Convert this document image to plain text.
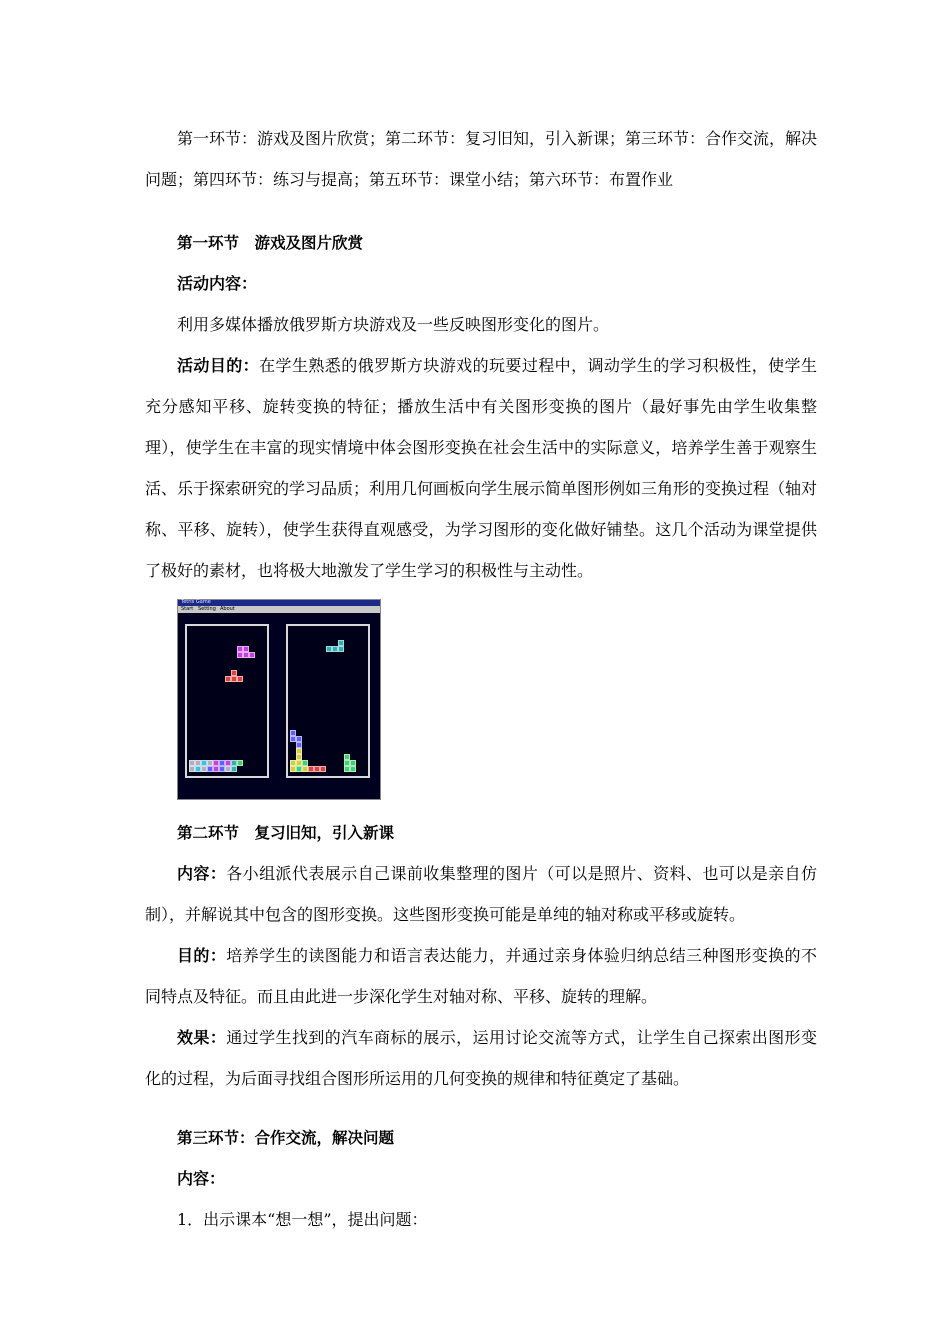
第一环节：游戏及图片欣赏；第二环节：复习旧知，引入新课；第三环节：合作交流，解决问题；第四环节：练习与提高；第五环节：课堂小结；第六环节：布置作业

第一环节　游戏及图片欣赏

活动内容：

利用多媒体播放俄罗斯方块游戏及一些反映图形变化的图片。

活动目的：在学生熟悉的俄罗斯方块游戏的玩要过程中，调动学生的学习积极性，使学生充分感知平移、旋转变换的特征；播放生活中有关图形变换的图片（最好事先由学生收集整理），使学生在丰富的现实情境中体会图形变换在社会生活中的实际意义，培养学生善于观察生活、乐于探索研究的学习品质；利用几何画板向学生展示简单图形例如三角形的变换过程（轴对称、平移、旋转），使学生获得直观感受，为学习图形的变化做好铺垫。这几个活动为课堂提供了极好的素材，也将极大地激发了学生学习的积极性与主动性。

Tetris Game
Start Setting About

第二环节　复习旧知，引入新课

内容：各小组派代表展示自己课前收集整理的图片（可以是照片、资料、也可以是亲自仿制），并解说其中包含的图形变换。这些图形变换可能是单纯的轴对称或平移或旋转。

目的：培养学生的读图能力和语言表达能力，并通过亲身体验归纳总结三种图形变换的不同特点及特征。而且由此进一步深化学生对轴对称、平移、旋转的理解。

效果：通过学生找到的汽车商标的展示，运用讨论交流等方式，让学生自己探索出图形变化的过程，为后面寻找组合图形所运用的几何变换的规律和特征奠定了基础。

第三环节：合作交流，解决问题

内容：

1．出示课本“想一想”，提出问题：
